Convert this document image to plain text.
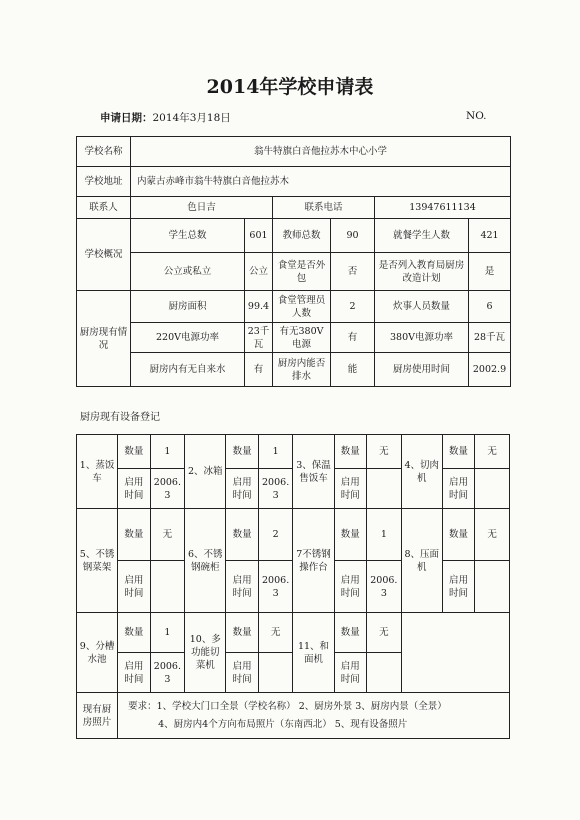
2014年学校申请表
申请日期：2014年3月18日	NO.
学校名称	翁牛特旗白音他拉苏木中心小学					
学校地址	内蒙古赤峰市翁牛特旗白音他拉苏木					
联系人	色日吉		联系电话		13947611134	
学校概况	学生总数	601	教师总数	90	就餐学生人数	421
	公立或私立	公立	食堂是否外包	否	是否列入教育局厨房改造计划	是
厨房现有情况	厨房面积	99.4	食堂管理员人数	2	炊事人员数量	6
	220V电源功率	23千瓦	有无380V电源	有	380V电源功率	28千瓦
	厨房内有无自来水	有	厨房内能否排水	能	厨房使用时间	2002.9
厨房现有设备登记
1、蒸饭车	数量	1	2、冰箱	数量	1	3、保温售饭车	数量	无	4、切肉机	数量	无
	启用时间	2006.3		启用时间	2006.3		启用时间			启用时间	
5、不锈钢菜架	数量	无	6、不锈钢碗柜	数量	2	7不锈钢操作台	数量	1	8、压面机	数量	无
	启用时间			启用时间	2006.3		启用时间	2006.3		启用时间	
9、分槽水池	数量	1	10、多功能切菜机	数量	无	11、和面机	数量	无			
	启用时间	2006.3		启用时间			启用时间				
现有厨房照片	要求：1、学校大门口全景（学校名称） 2、厨房外景 3、厨房内景（全景）
4、厨房内4个方向布局照片（东南西北） 5、现有设备照片										
